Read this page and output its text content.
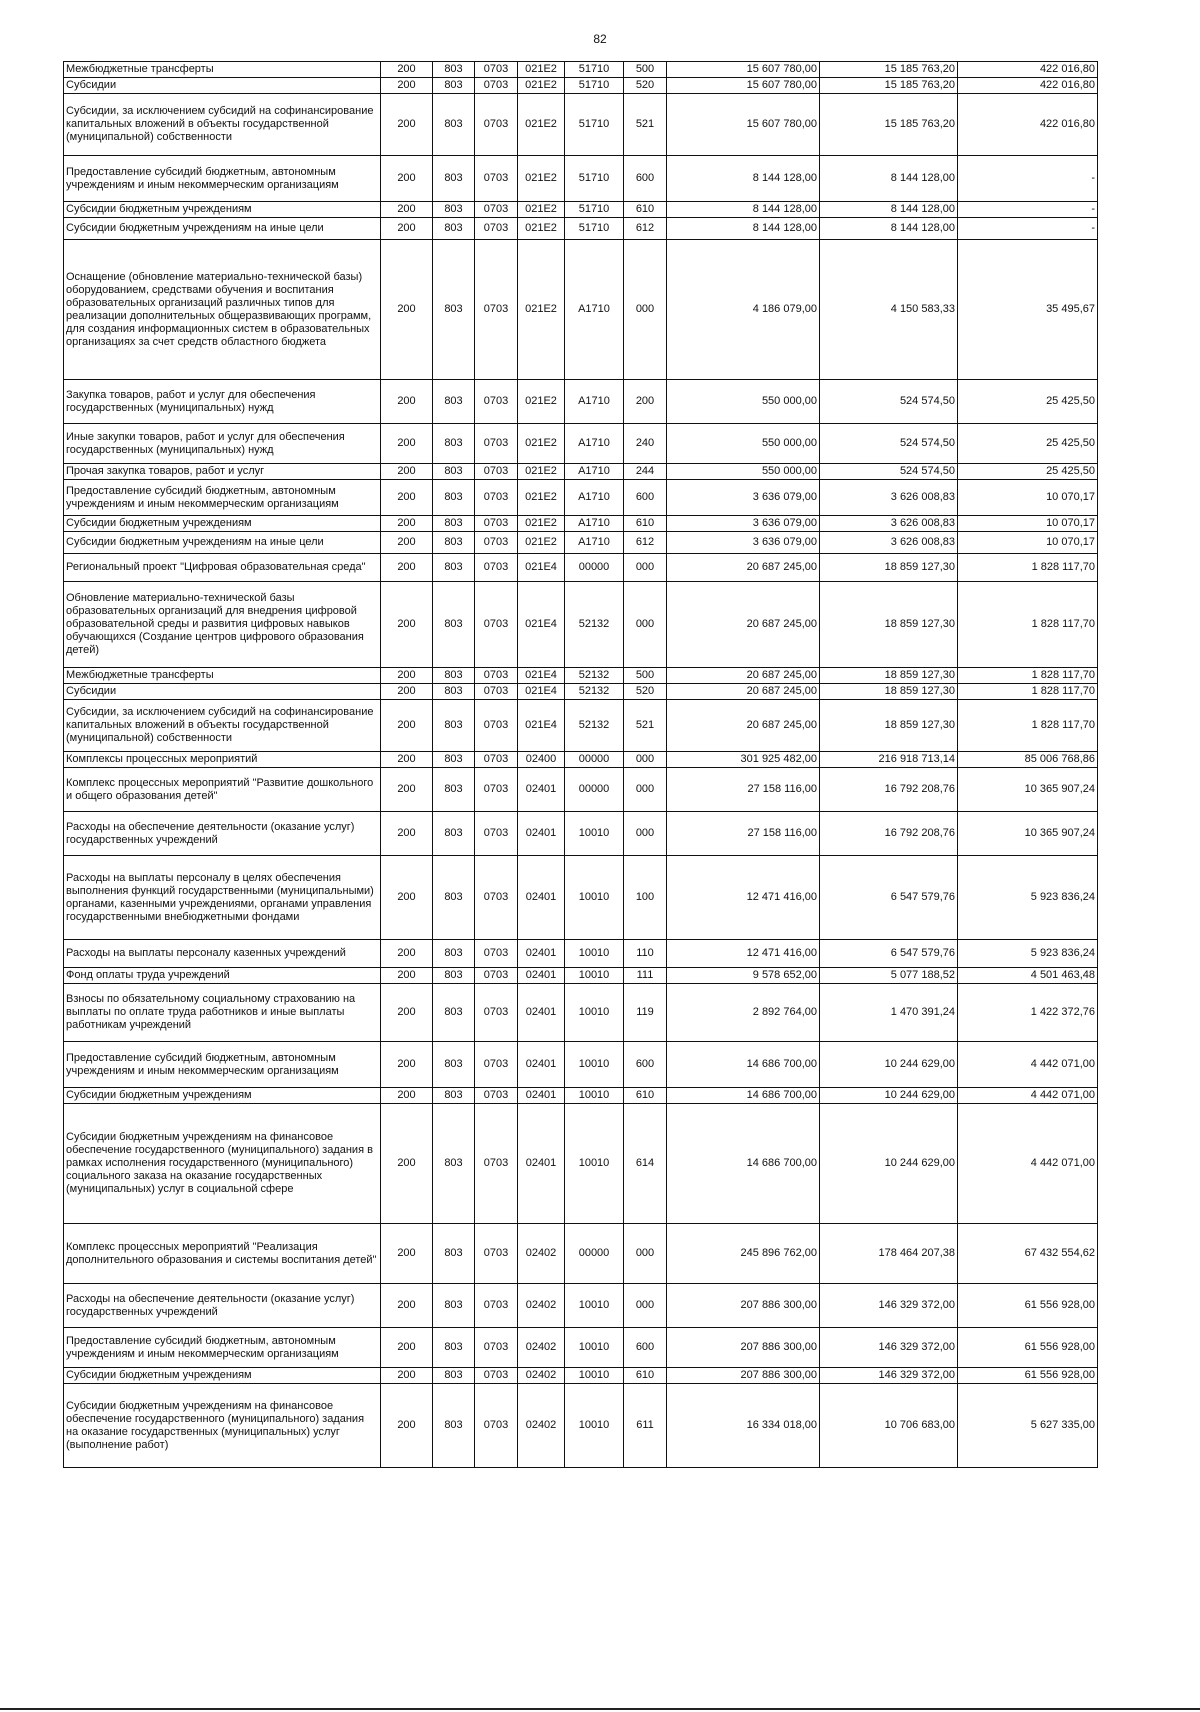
82
Межбюджетные трансферты	200	803	0703	021Е2	51710	500	15 607 780,00	15 185 763,20	422 016,80
Субсидии	200	803	0703	021Е2	51710	520	15 607 780,00	15 185 763,20	422 016,80
Субсидии, за исключением субсидий на софинансирование капитальных вложений в объекты государственной (муниципальной) собственности	200	803	0703	021Е2	51710	521	15 607 780,00	15 185 763,20	422 016,80
Предоставление субсидий бюджетным, автономным учреждениям и иным некоммерческим организациям	200	803	0703	021Е2	51710	600	8 144 128,00	8 144 128,00	-
Субсидии бюджетным учреждениям	200	803	0703	021Е2	51710	610	8 144 128,00	8 144 128,00	-
Субсидии бюджетным учреждениям на иные цели	200	803	0703	021Е2	51710	612	8 144 128,00	8 144 128,00	-
Оснащение (обновление материально-технической базы) оборудованием, средствами обучения и воспитания образовательных организаций различных типов для реализации дополнительных общеразвивающих программ, для создания информационных систем в образовательных организациях за счет средств областного бюджета	200	803	0703	021Е2	А1710	000	4 186 079,00	4 150 583,33	35 495,67
Закупка товаров, работ и услуг для обеспечения государственных (муниципальных) нужд	200	803	0703	021Е2	А1710	200	550 000,00	524 574,50	25 425,50
Иные закупки товаров, работ и услуг для обеспечения государственных (муниципальных) нужд	200	803	0703	021Е2	А1710	240	550 000,00	524 574,50	25 425,50
Прочая закупка товаров, работ и услуг	200	803	0703	021Е2	А1710	244	550 000,00	524 574,50	25 425,50
Предоставление субсидий бюджетным, автономным учреждениям и иным некоммерческим организациям	200	803	0703	021Е2	А1710	600	3 636 079,00	3 626 008,83	10 070,17
Субсидии бюджетным учреждениям	200	803	0703	021Е2	А1710	610	3 636 079,00	3 626 008,83	10 070,17
Субсидии бюджетным учреждениям на иные цели	200	803	0703	021Е2	А1710	612	3 636 079,00	3 626 008,83	10 070,17
Региональный проект "Цифровая образовательная среда"	200	803	0703	021Е4	00000	000	20 687 245,00	18 859 127,30	1 828 117,70
Обновление материально-технической базы образовательных организаций для внедрения цифровой образовательной среды и развития цифровых навыков обучающихся (Создание центров цифрового образования детей)	200	803	0703	021Е4	52132	000	20 687 245,00	18 859 127,30	1 828 117,70
Межбюджетные трансферты	200	803	0703	021Е4	52132	500	20 687 245,00	18 859 127,30	1 828 117,70
Субсидии	200	803	0703	021Е4	52132	520	20 687 245,00	18 859 127,30	1 828 117,70
Субсидии, за исключением субсидий на софинансирование капитальных вложений в объекты государственной (муниципальной) собственности	200	803	0703	021Е4	52132	521	20 687 245,00	18 859 127,30	1 828 117,70
Комплексы процессных мероприятий	200	803	0703	02400	00000	000	301 925 482,00	216 918 713,14	85 006 768,86
Комплекс процессных мероприятий "Развитие дошкольного и общего образования детей"	200	803	0703	02401	00000	000	27 158 116,00	16 792 208,76	10 365 907,24
Расходы на обеспечение деятельности (оказание услуг) государственных учреждений	200	803	0703	02401	10010	000	27 158 116,00	16 792 208,76	10 365 907,24
Расходы на выплаты персоналу в целях обеспечения выполнения функций государственными (муниципальными) органами, казенными учреждениями, органами управления государственными внебюджетными фондами	200	803	0703	02401	10010	100	12 471 416,00	6 547 579,76	5 923 836,24
Расходы на выплаты персоналу казенных учреждений	200	803	0703	02401	10010	110	12 471 416,00	6 547 579,76	5 923 836,24
Фонд оплаты труда учреждений	200	803	0703	02401	10010	111	9 578 652,00	5 077 188,52	4 501 463,48
Взносы по обязательному социальному страхованию на выплаты по оплате труда работников и иные выплаты работникам учреждений	200	803	0703	02401	10010	119	2 892 764,00	1 470 391,24	1 422 372,76
Предоставление субсидий бюджетным, автономным учреждениям и иным некоммерческим организациям	200	803	0703	02401	10010	600	14 686 700,00	10 244 629,00	4 442 071,00
Субсидии бюджетным учреждениям	200	803	0703	02401	10010	610	14 686 700,00	10 244 629,00	4 442 071,00
Субсидии бюджетным учреждениям на финансовое обеспечение государственного (муниципального) задания в рамках исполнения государственного (муниципального) социального заказа на оказание государственных (муниципальных) услуг в социальной сфере	200	803	0703	02401	10010	614	14 686 700,00	10 244 629,00	4 442 071,00
Комплекс процессных мероприятий "Реализация дополнительного образования и системы воспитания детей"	200	803	0703	02402	00000	000	245 896 762,00	178 464 207,38	67 432 554,62
Расходы на обеспечение деятельности (оказание услуг) государственных учреждений	200	803	0703	02402	10010	000	207 886 300,00	146 329 372,00	61 556 928,00
Предоставление субсидий бюджетным, автономным учреждениям и иным некоммерческим организациям	200	803	0703	02402	10010	600	207 886 300,00	146 329 372,00	61 556 928,00
Субсидии бюджетным учреждениям	200	803	0703	02402	10010	610	207 886 300,00	146 329 372,00	61 556 928,00
Субсидии бюджетным учреждениям на финансовое обеспечение государственного (муниципального) задания на оказание государственных (муниципальных) услуг (выполнение работ)	200	803	0703	02402	10010	611	16 334 018,00	10 706 683,00	5 627 335,00
